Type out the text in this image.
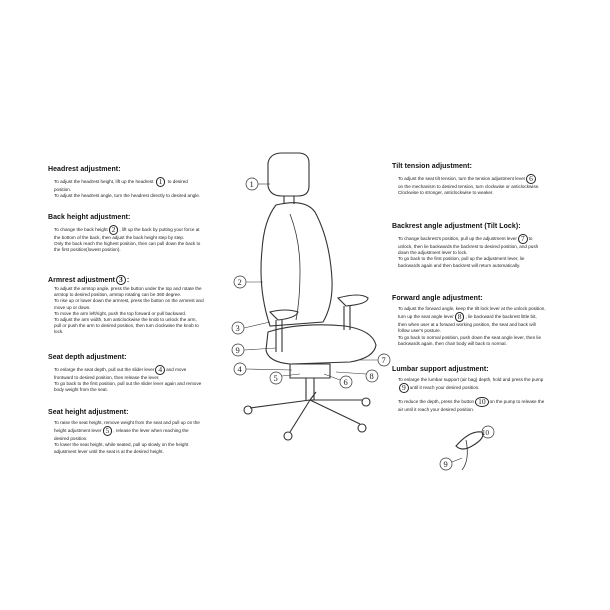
1
2
3
9
4
5	6
7
8
9
10
Headrest adjustment:

To adjust the headrest height, lift up the headrest 1 to desired
position.
To adjust the headrest angle, turn the headrest directly to desired angle.

Back height adjustment:

To change the back height 2 , lift up the back by putting your force at
the bottom of the back, then adjust the back height step by step.
Only the back reach the highest position, then can pull down the back to
the first position(lowest position).

Armrest adjustment 3 :

To adjust the armtop angle, press the button under the top and rotate the
armtop to desired position, armtop rotating can be 360 degree.
To rise up or lower down the armrest, press the button on the armrest and
move up or down.
To move the arm left/right, push the top forward or pull backward.
To adjust the arm width, turn anticlockwise the knob to unlock the arm,
pull or push the arm to desired position, then turn clockwise the knob to
lock.

Seat depth adjustment:

To enlarge the seat depth, pull out the slider lever 4 and move
frontward to desired position, then release the lever.
To go back to the first position, pull out the slider lever again and remove
body weight from the seat.

Seat height adjustment:

To raise the seat height, remove weight from the seat and pull up on the
height adjustment lever 5 , release the lever when reaching the
desired position.
To lower the seat height, while seated, pull up slowly on the height
adjustment lever until the seat is at the desired height.

Tilt tension adjustment:

To adjust the seat tilt tension, turn the tension adjustment lever 6
on the mechanism to desired tension, turn clockwise or anticlockwise.
Clockwise to stronger, anticlockwise to weaker.

Backrest angle adjustment (Tilt Lock):

To change backrest's position, pull up the adjustment lever 7 to
unlock, then lie backwards the backrest to desired position, and push
down the adjustment lever to lock.
To go back to the first position, pull up the adjustment lever, lie
backwards again and then backrest will return automatically.

Forward angle adjustment:

To adjust the forward angle, keep the tilt lock lever at the unlock position,
turn up the seat angle lever 8 , lie backward the backrest little bit,
then when user at a forward working position, the seat and back will
follow user's posture.
To go back to normal position, push down the seat angle lever, then lie
backwards again, then chair body will back to normal.

Lumbar support adjustment:

To enlarge the lumbar support (air bag) depth, hold and press the pump
9 until it reach your desired position.

To reduce the depth, press the button 10 on the pump to release the
air until it reach your desired position.
